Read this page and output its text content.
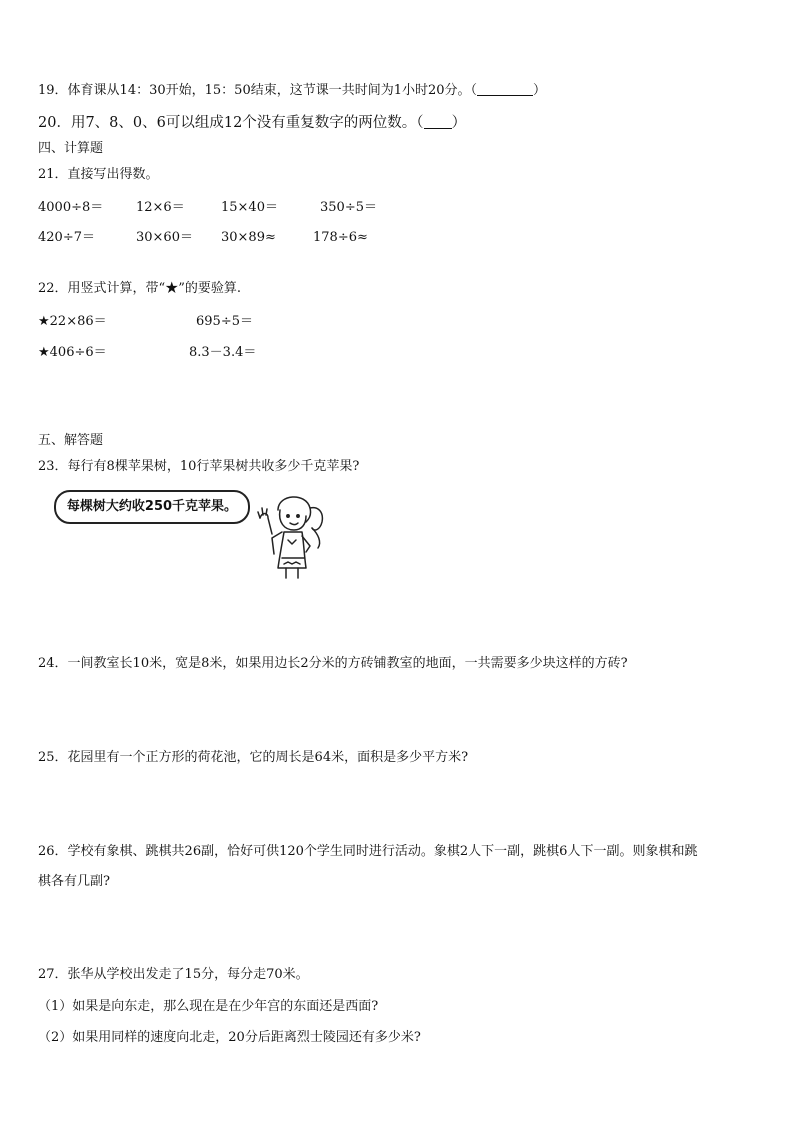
19．体育课从14：30开始，15：50结束，这节课一共时间为1小时20分。（	）
20．用7、8、0、6可以组成12个没有重复数字的两位数。（ ）
四、计算题
21．直接写出得数。
4000÷8＝	12×6＝	15×40＝	350÷5＝
420÷7＝	30×60＝ 30×89≈	178÷6≈
22．用竖式计算，带“★”的要验算.
★22×86＝	695÷5＝
★406÷6＝	8.3－3.4＝
五、解答题
23．每行有8棵苹果树，10行苹果树共收多少千克苹果?
每棵树大约收250千克苹果。
24．一间教室长10米，宽是8米，如果用边长2分米的方砖铺教室的地面，一共需要多少块这样的方砖?
25．花园里有一个正方形的荷花池，它的周长是64米，面积是多少平方米?
26．学校有象棋、跳棋共26副，恰好可供120个学生同时进行活动。象棋2人下一副，跳棋6人下一副。则象棋和跳
棋各有几副?
27．张华从学校出发走了15分，每分走70米。
（1）如果是向东走，那么现在是在少年宫的东面还是西面?
（2）如果用同样的速度向北走，20分后距离烈士陵园还有多少米?
